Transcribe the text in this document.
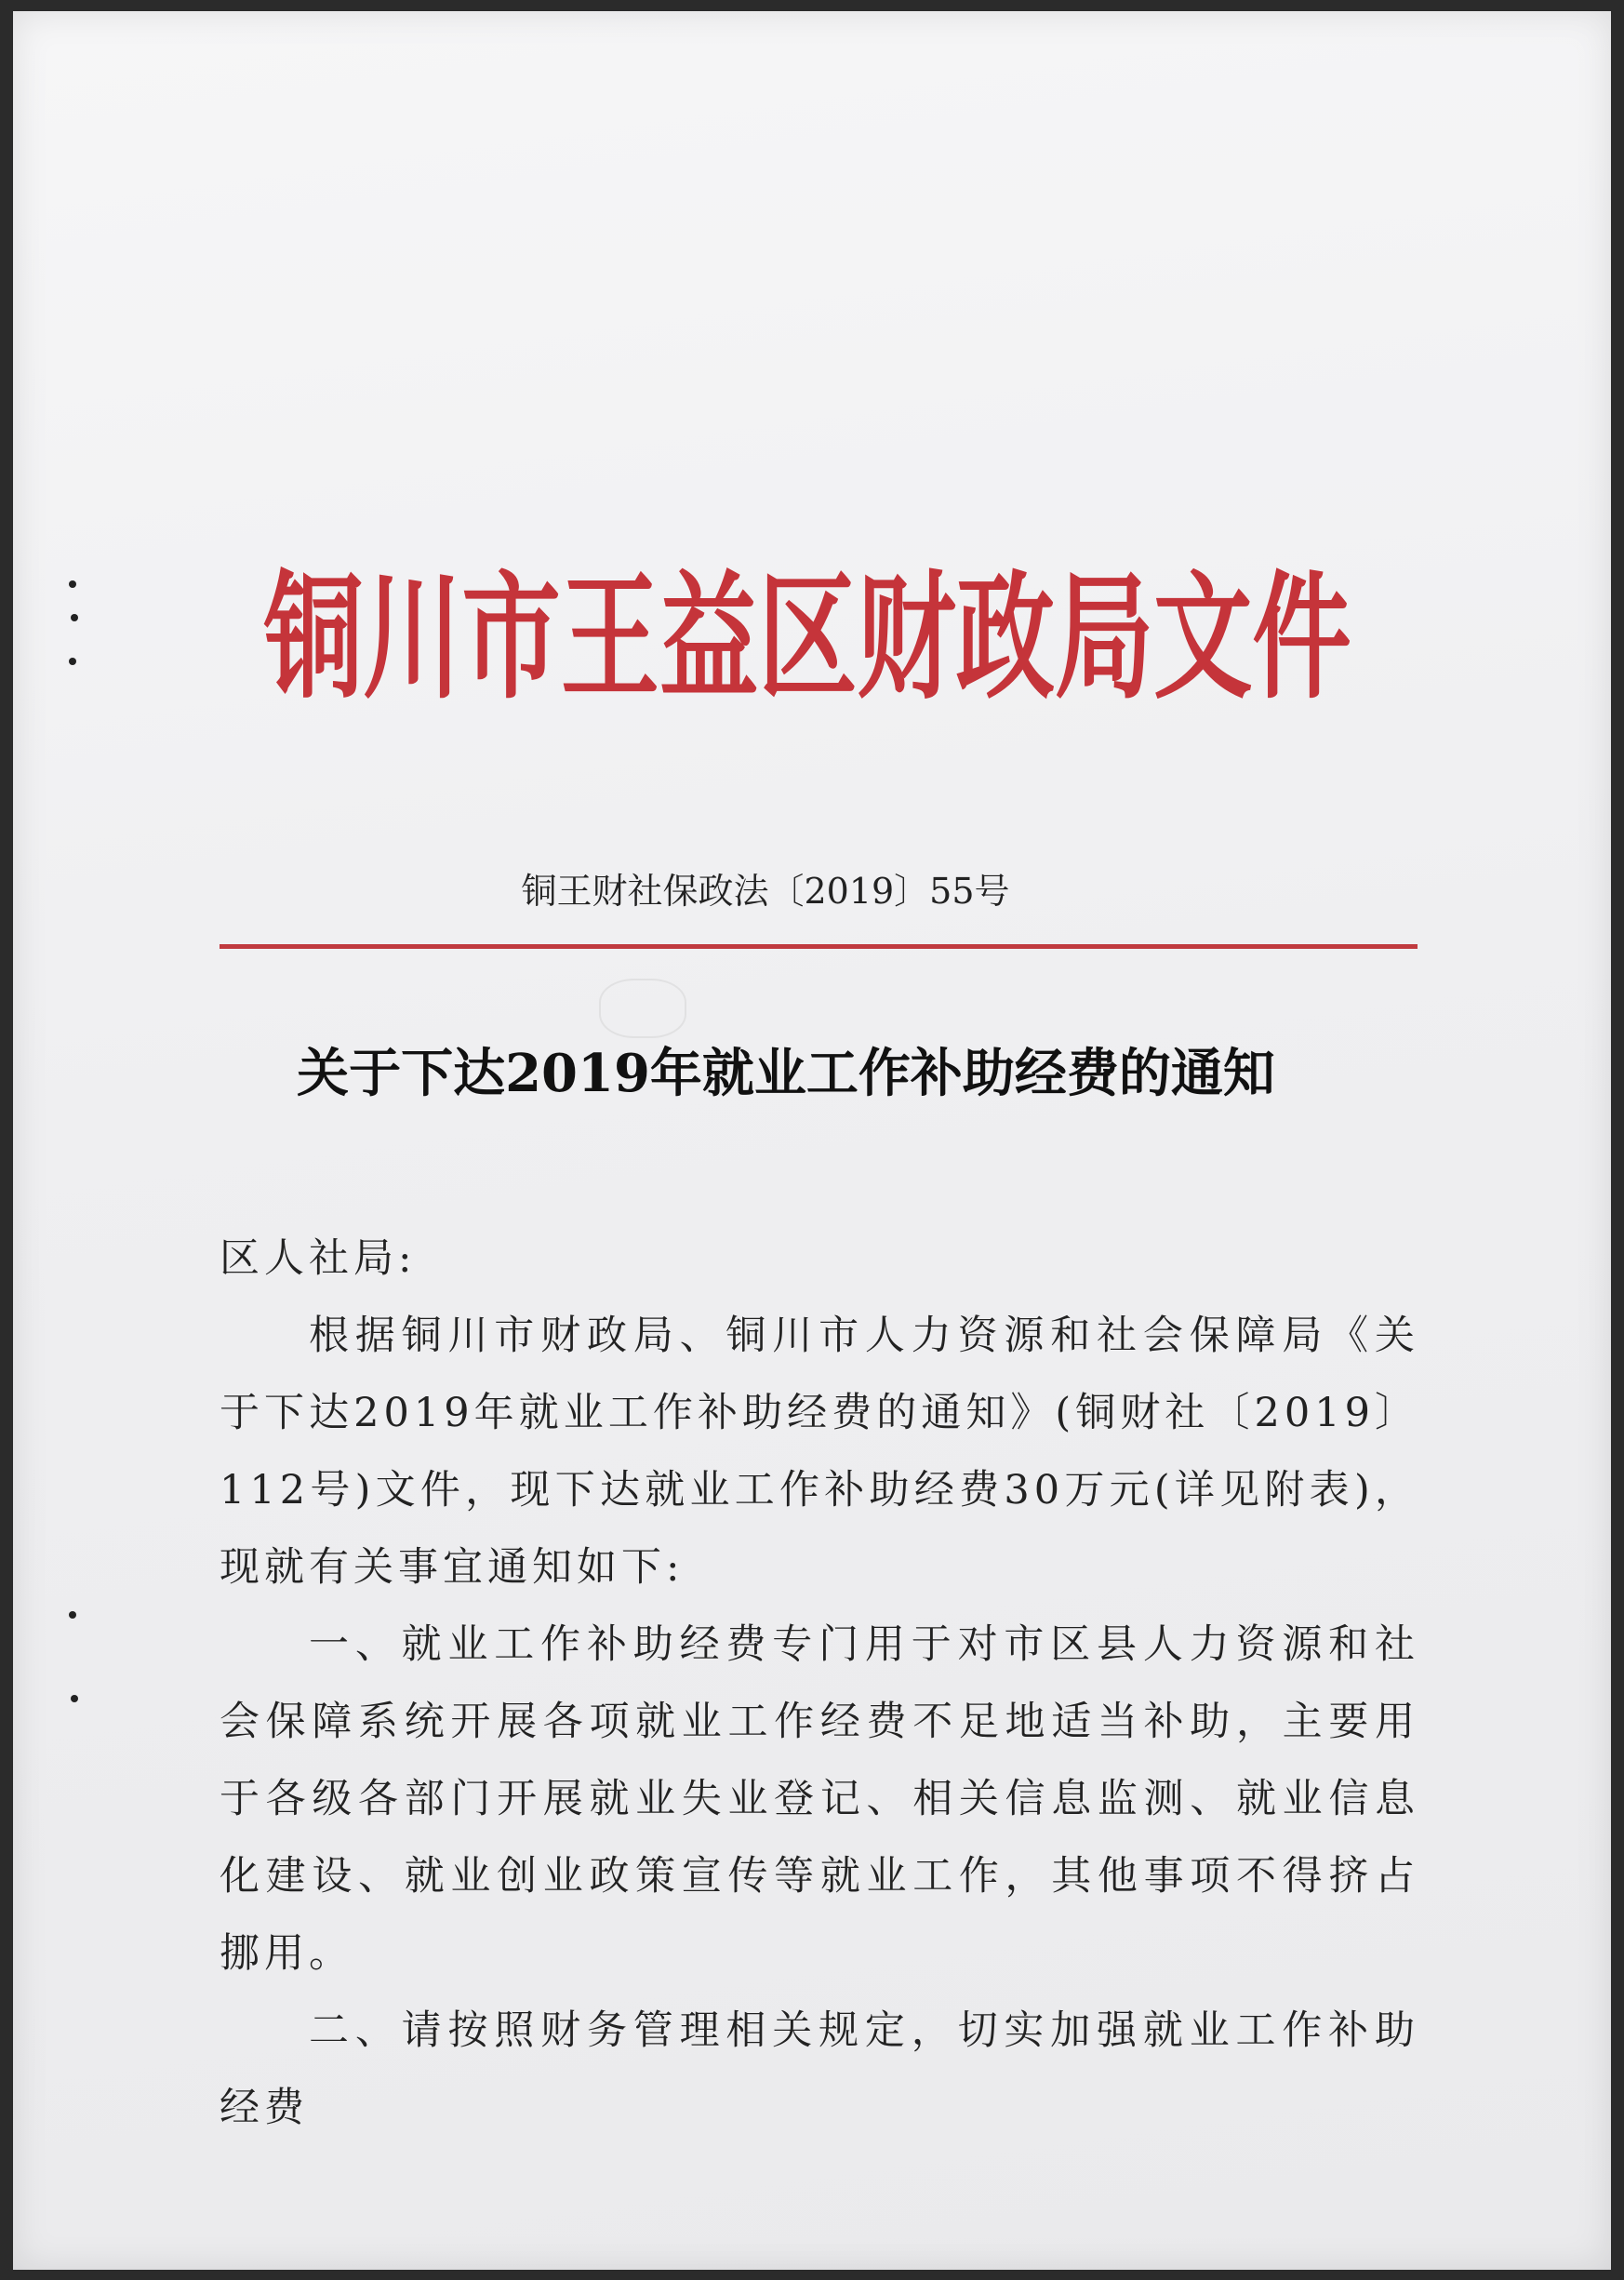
铜川市王益区财政局文件
铜王财社保政法〔2019〕55号
关于下达2019年就业工作补助经费的通知

区人社局:

根据铜川市财政局、铜川市人力资源和社会保障局《关于下达2019年就业工作补助经费的通知》(铜财社〔2019〕112号)文件，现下达就业工作补助经费30万元(详见附表)，现就有关事宜通知如下:

一、就业工作补助经费专门用于对市区县人力资源和社会保障系统开展各项就业工作经费不足地适当补助，主要用于各级各部门开展就业失业登记、相关信息监测、就业信息化建设、就业创业政策宣传等就业工作，其他事项不得挤占挪用。

二、请按照财务管理相关规定，切实加强就业工作补助经费
